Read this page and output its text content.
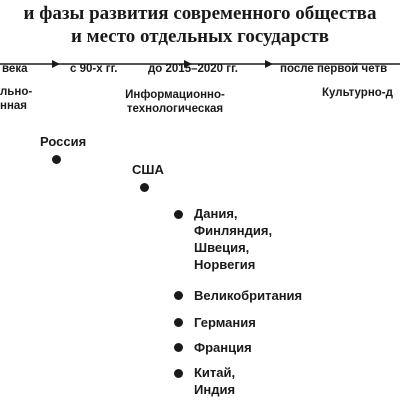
и фазы развития современного общества
и место отдельных государств
века	с 90-х гг.	до 2015–2020 гг.	после первой четв
льно-
нная
Информационно-
технологическая
Культурно-д
Россия
США
Дания,
Финляндия,
Швеция,
Норвегия
Великобритания
Германия
Франция
Китай,
Индия
